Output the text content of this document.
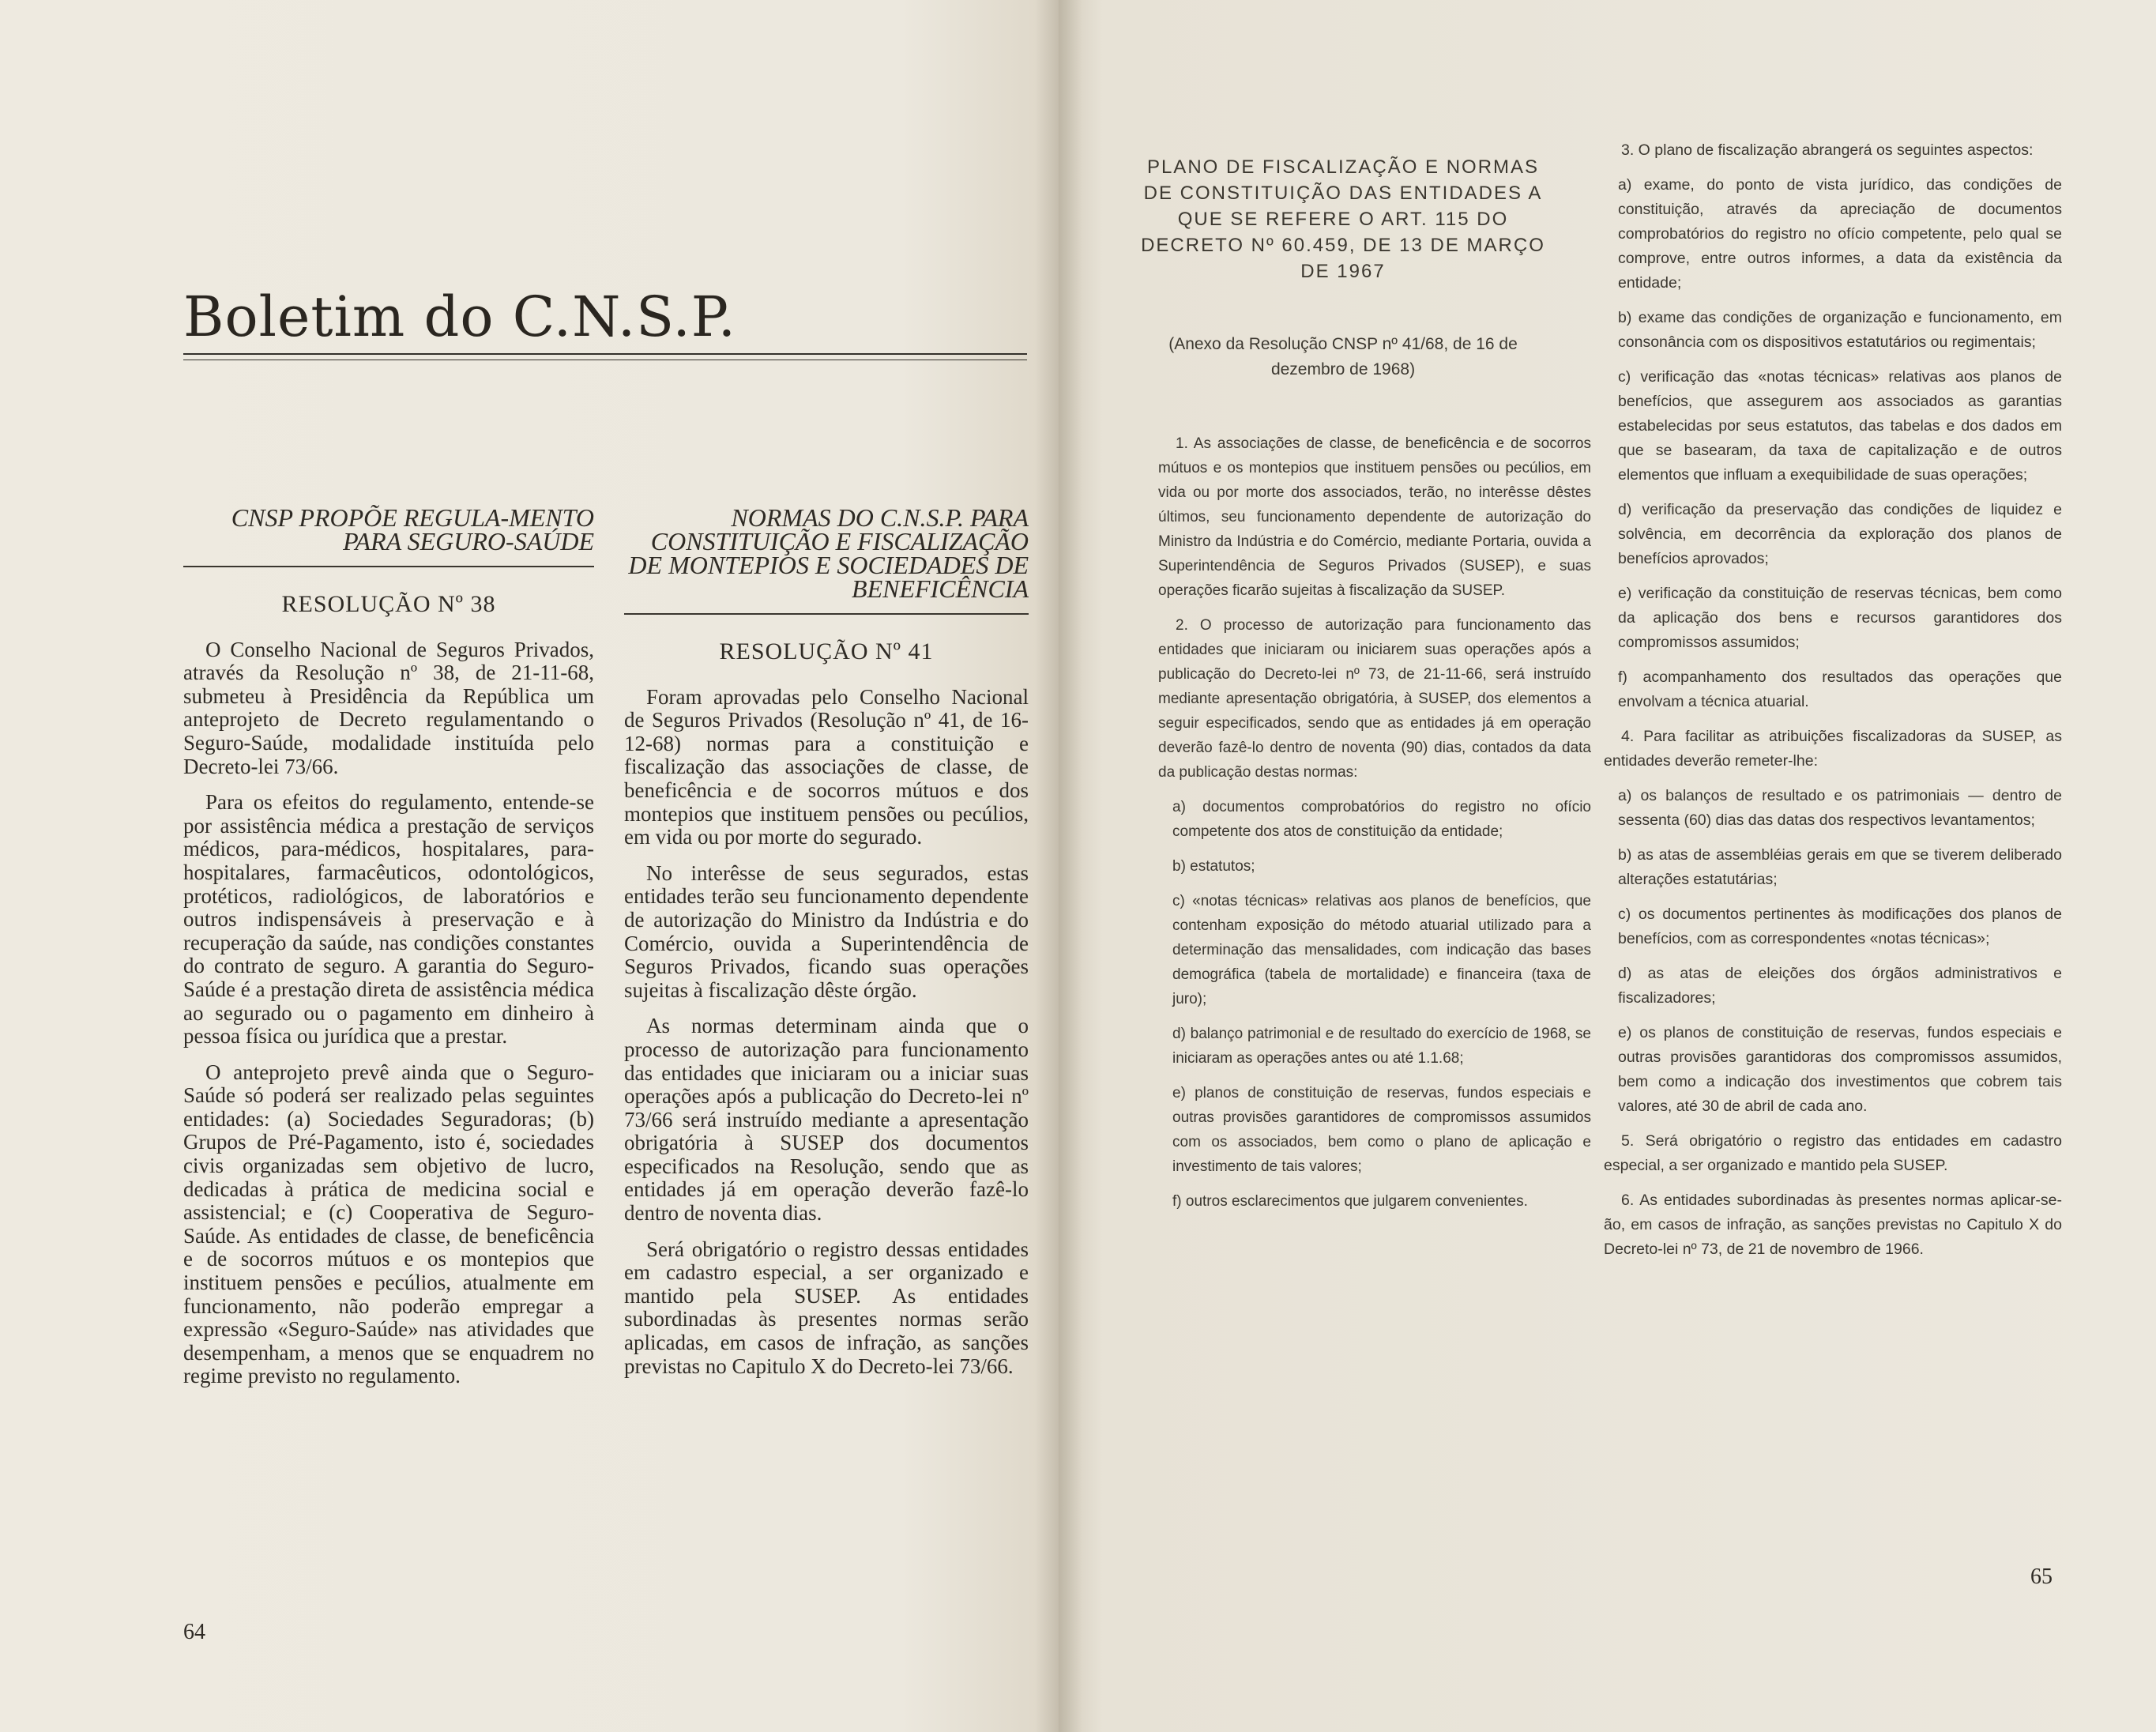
Boletim do C.N.S.P.

CNSP PROPÕE REGULA-MENTO PARA SEGURO-SAÚDE

RESOLUÇÃO Nº 38

O Conselho Nacional de Seguros Privados, através da Resolução nº 38, de 21-11-68, submeteu à Presidência da República um anteprojeto de Decreto regulamentando o Seguro-Saúde, modalidade instituída pelo Decreto-lei 73/66.

Para os efeitos do regulamento, entende-se por assistência médica a prestação de serviços médicos, para-médicos, hospitalares, para-hospitalares, farmacêuticos, odontológicos, protéticos, radiológicos, de laboratórios e outros indispensáveis à preservação e à recuperação da saúde, nas condições constantes do contrato de seguro. A garantia do Seguro-Saúde é a prestação direta de assistência médica ao segurado ou o pagamento em dinheiro à pessoa física ou jurídica que a prestar.

O anteprojeto prevê ainda que o Seguro-Saúde só poderá ser realizado pelas seguintes entidades: (a) Sociedades Seguradoras; (b) Grupos de Pré-Pagamento, isto é, sociedades civis organizadas sem objetivo de lucro, dedicadas à prática de medicina social e assistencial; e (c) Cooperativa de Seguro-Saúde. As entidades de classe, de beneficência e de socorros mútuos e os montepios que instituem pensões e pecúlios, atualmente em funcionamento, não poderão empregar a expressão «Seguro-Saúde» nas atividades que desempenham, a menos que se enquadrem no regime previsto no regulamento.

NORMAS DO C.N.S.P. PARA CONSTITUIÇÃO E FISCALIZAÇÃO DE MONTEPIOS E SOCIEDADES DE BENEFICÊNCIA

RESOLUÇÃO Nº 41

Foram aprovadas pelo Conselho Nacional de Seguros Privados (Resolução nº 41, de 16-12-68) normas para a constituição e fiscalização das associações de classe, de beneficência e de socorros mútuos e dos montepios que instituem pensões ou pecúlios, em vida ou por morte do segurado.

No interêsse de seus segurados, estas entidades terão seu funcionamento dependente de autorização do Ministro da Indústria e do Comércio, ouvida a Superintendência de Seguros Privados, ficando suas operações sujeitas à fiscalização dêste órgão.

As normas determinam ainda que o processo de autorização para funcionamento das entidades que iniciaram ou a iniciar suas operações após a publicação do Decreto-lei nº 73/66 será instruído mediante a apresentação obrigatória à SUSEP dos documentos especificados na Resolução, sendo que as entidades já em operação deverão fazê-lo dentro de noventa dias.

Será obrigatório o registro dessas entidades em cadastro especial, a ser organizado e mantido pela SUSEP. As entidades subordinadas às presentes normas serão aplicadas, em casos de infração, as sanções previstas no Capitulo X do Decreto-lei 73/66.

64
PLANO DE FISCALIZAÇÃO E NORMAS DE CONSTITUIÇÃO DAS ENTIDADES A QUE SE REFERE O ART. 115 DO DECRETO Nº 60.459, DE 13 DE MARÇO DE 1967
(Anexo da Resolução CNSP nº 41/68, de 16 de dezembro de 1968)

1. As associações de classe, de beneficência e de socorros mútuos e os montepios que instituem pensões ou pecúlios, em vida ou por morte dos associados, terão, no interêsse dêstes últimos, seu funcionamento dependente de autorização do Ministro da Indústria e do Comércio, mediante Portaria, ouvida a Superintendência de Seguros Privados (SUSEP), e suas operações ficarão sujeitas à fiscalização da SUSEP.

2. O processo de autorização para funcionamento das entidades que iniciaram ou iniciarem suas operações após a publicação do Decreto-lei nº 73, de 21-11-66, será instruído mediante apresentação obrigatória, à SUSEP, dos elementos a seguir especificados, sendo que as entidades já em operação deverão fazê-lo dentro de noventa (90) dias, contados da data da publicação destas normas:

a) documentos comprobatórios do registro no ofício competente dos atos de constituição da entidade;

b) estatutos;

c) «notas técnicas» relativas aos planos de benefícios, que contenham exposição do método atuarial utilizado para a determinação das mensalidades, com indicação das bases demográfica (tabela de mortalidade) e financeira (taxa de juro);

d) balanço patrimonial e de resultado do exercício de 1968, se iniciaram as operações antes ou até 1.1.68;

e) planos de constituição de reservas, fundos especiais e outras provisões garantidores de compromissos assumidos com os associados, bem como o plano de aplicação e investimento de tais valores;

f) outros esclarecimentos que julgarem convenientes.

3. O plano de fiscalização abrangerá os seguintes aspectos:

a) exame, do ponto de vista jurídico, das condições de constituição, através da apreciação de documentos comprobatórios do registro no ofício competente, pelo qual se comprove, entre outros informes, a data da existência da entidade;

b) exame das condições de organização e funcionamento, em consonância com os dispositivos estatutários ou regimentais;

c) verificação das «notas técnicas» relativas aos planos de benefícios, que assegurem aos associados as garantias estabelecidas por seus estatutos, das tabelas e dos dados em que se basearam, da taxa de capitalização e de outros elementos que influam a exequibilidade de suas operações;

d) verificação da preservação das condições de liquidez e solvência, em decorrência da exploração dos planos de benefícios aprovados;

e) verificação da constituição de reservas técnicas, bem como da aplicação dos bens e recursos garantidores dos compromissos assumidos;

f) acompanhamento dos resultados das operações que envolvam a técnica atuarial.

4. Para facilitar as atribuições fiscalizadoras da SUSEP, as entidades deverão remeter-lhe:

a) os balanços de resultado e os patrimoniais — dentro de sessenta (60) dias das datas dos respectivos levantamentos;

b) as atas de assembléias gerais em que se tiverem deliberado alterações estatutárias;

c) os documentos pertinentes às modificações dos planos de benefícios, com as correspondentes «notas técnicas»;

d) as atas de eleições dos órgãos administrativos e fiscalizadores;

e) os planos de constituição de reservas, fundos especiais e outras provisões garantidoras dos compromissos assumidos, bem como a indicação dos investimentos que cobrem tais valores, até 30 de abril de cada ano.

5. Será obrigatório o registro das entidades em cadastro especial, a ser organizado e mantido pela SUSEP.

6. As entidades subordinadas às presentes normas aplicar-se-ão, em casos de infração, as sanções previstas no Capitulo X do Decreto-lei nº 73, de 21 de novembro de 1966.

65
